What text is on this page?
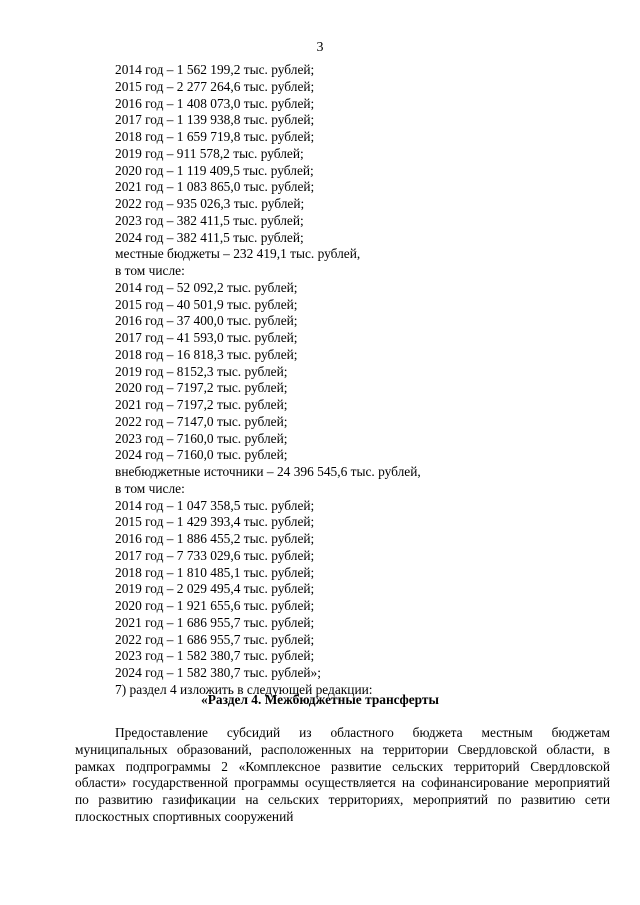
3
2014 год – 1 562 199,2 тыс. рублей;
2015 год – 2 277 264,6 тыс. рублей;
2016 год – 1 408 073,0 тыс. рублей;
2017 год – 1 139 938,8 тыс. рублей;
2018 год – 1 659 719,8 тыс. рублей;
2019 год – 911 578,2 тыс. рублей;
2020 год – 1 119 409,5 тыс. рублей;
2021 год – 1 083 865,0 тыс. рублей;
2022 год – 935 026,3 тыс. рублей;
2023 год – 382 411,5 тыс. рублей;
2024 год – 382 411,5 тыс. рублей;
местные бюджеты – 232 419,1 тыс. рублей,
в том числе:
2014 год – 52 092,2 тыс. рублей;
2015 год – 40 501,9 тыс. рублей;
2016 год – 37 400,0 тыс. рублей;
2017 год – 41 593,0 тыс. рублей;
2018 год – 16 818,3 тыс. рублей;
2019 год – 8152,3 тыс. рублей;
2020 год – 7197,2 тыс. рублей;
2021 год – 7197,2 тыс. рублей;
2022 год – 7147,0 тыс. рублей;
2023 год – 7160,0 тыс. рублей;
2024 год – 7160,0 тыс. рублей;
внебюджетные источники – 24 396 545,6 тыс. рублей,
в том числе:
2014 год – 1 047 358,5 тыс. рублей;
2015 год – 1 429 393,4 тыс. рублей;
2016 год – 1 886 455,2 тыс. рублей;
2017 год – 7 733 029,6 тыс. рублей;
2018 год – 1 810 485,1 тыс. рублей;
2019 год – 2 029 495,4 тыс. рублей;
2020 год – 1 921 655,6 тыс. рублей;
2021 год – 1 686 955,7 тыс. рублей;
2022 год – 1 686 955,7 тыс. рублей;
2023 год – 1 582 380,7 тыс. рублей;
2024 год – 1 582 380,7 тыс. рублей»;
7) раздел 4 изложить в следующей редакции:
«Раздел 4. Межбюджетные трансферты

Предоставление субсидий из областного бюджета местным бюджетам муниципальных образований, расположенных на территории Свердловской области, в рамках подпрограммы 2 «Комплексное развитие сельских территорий Свердловской области» государственной программы осуществляется на софинансирование мероприятий по развитию газификации на сельских территориях, мероприятий по развитию сети плоскостных спортивных сооружений
